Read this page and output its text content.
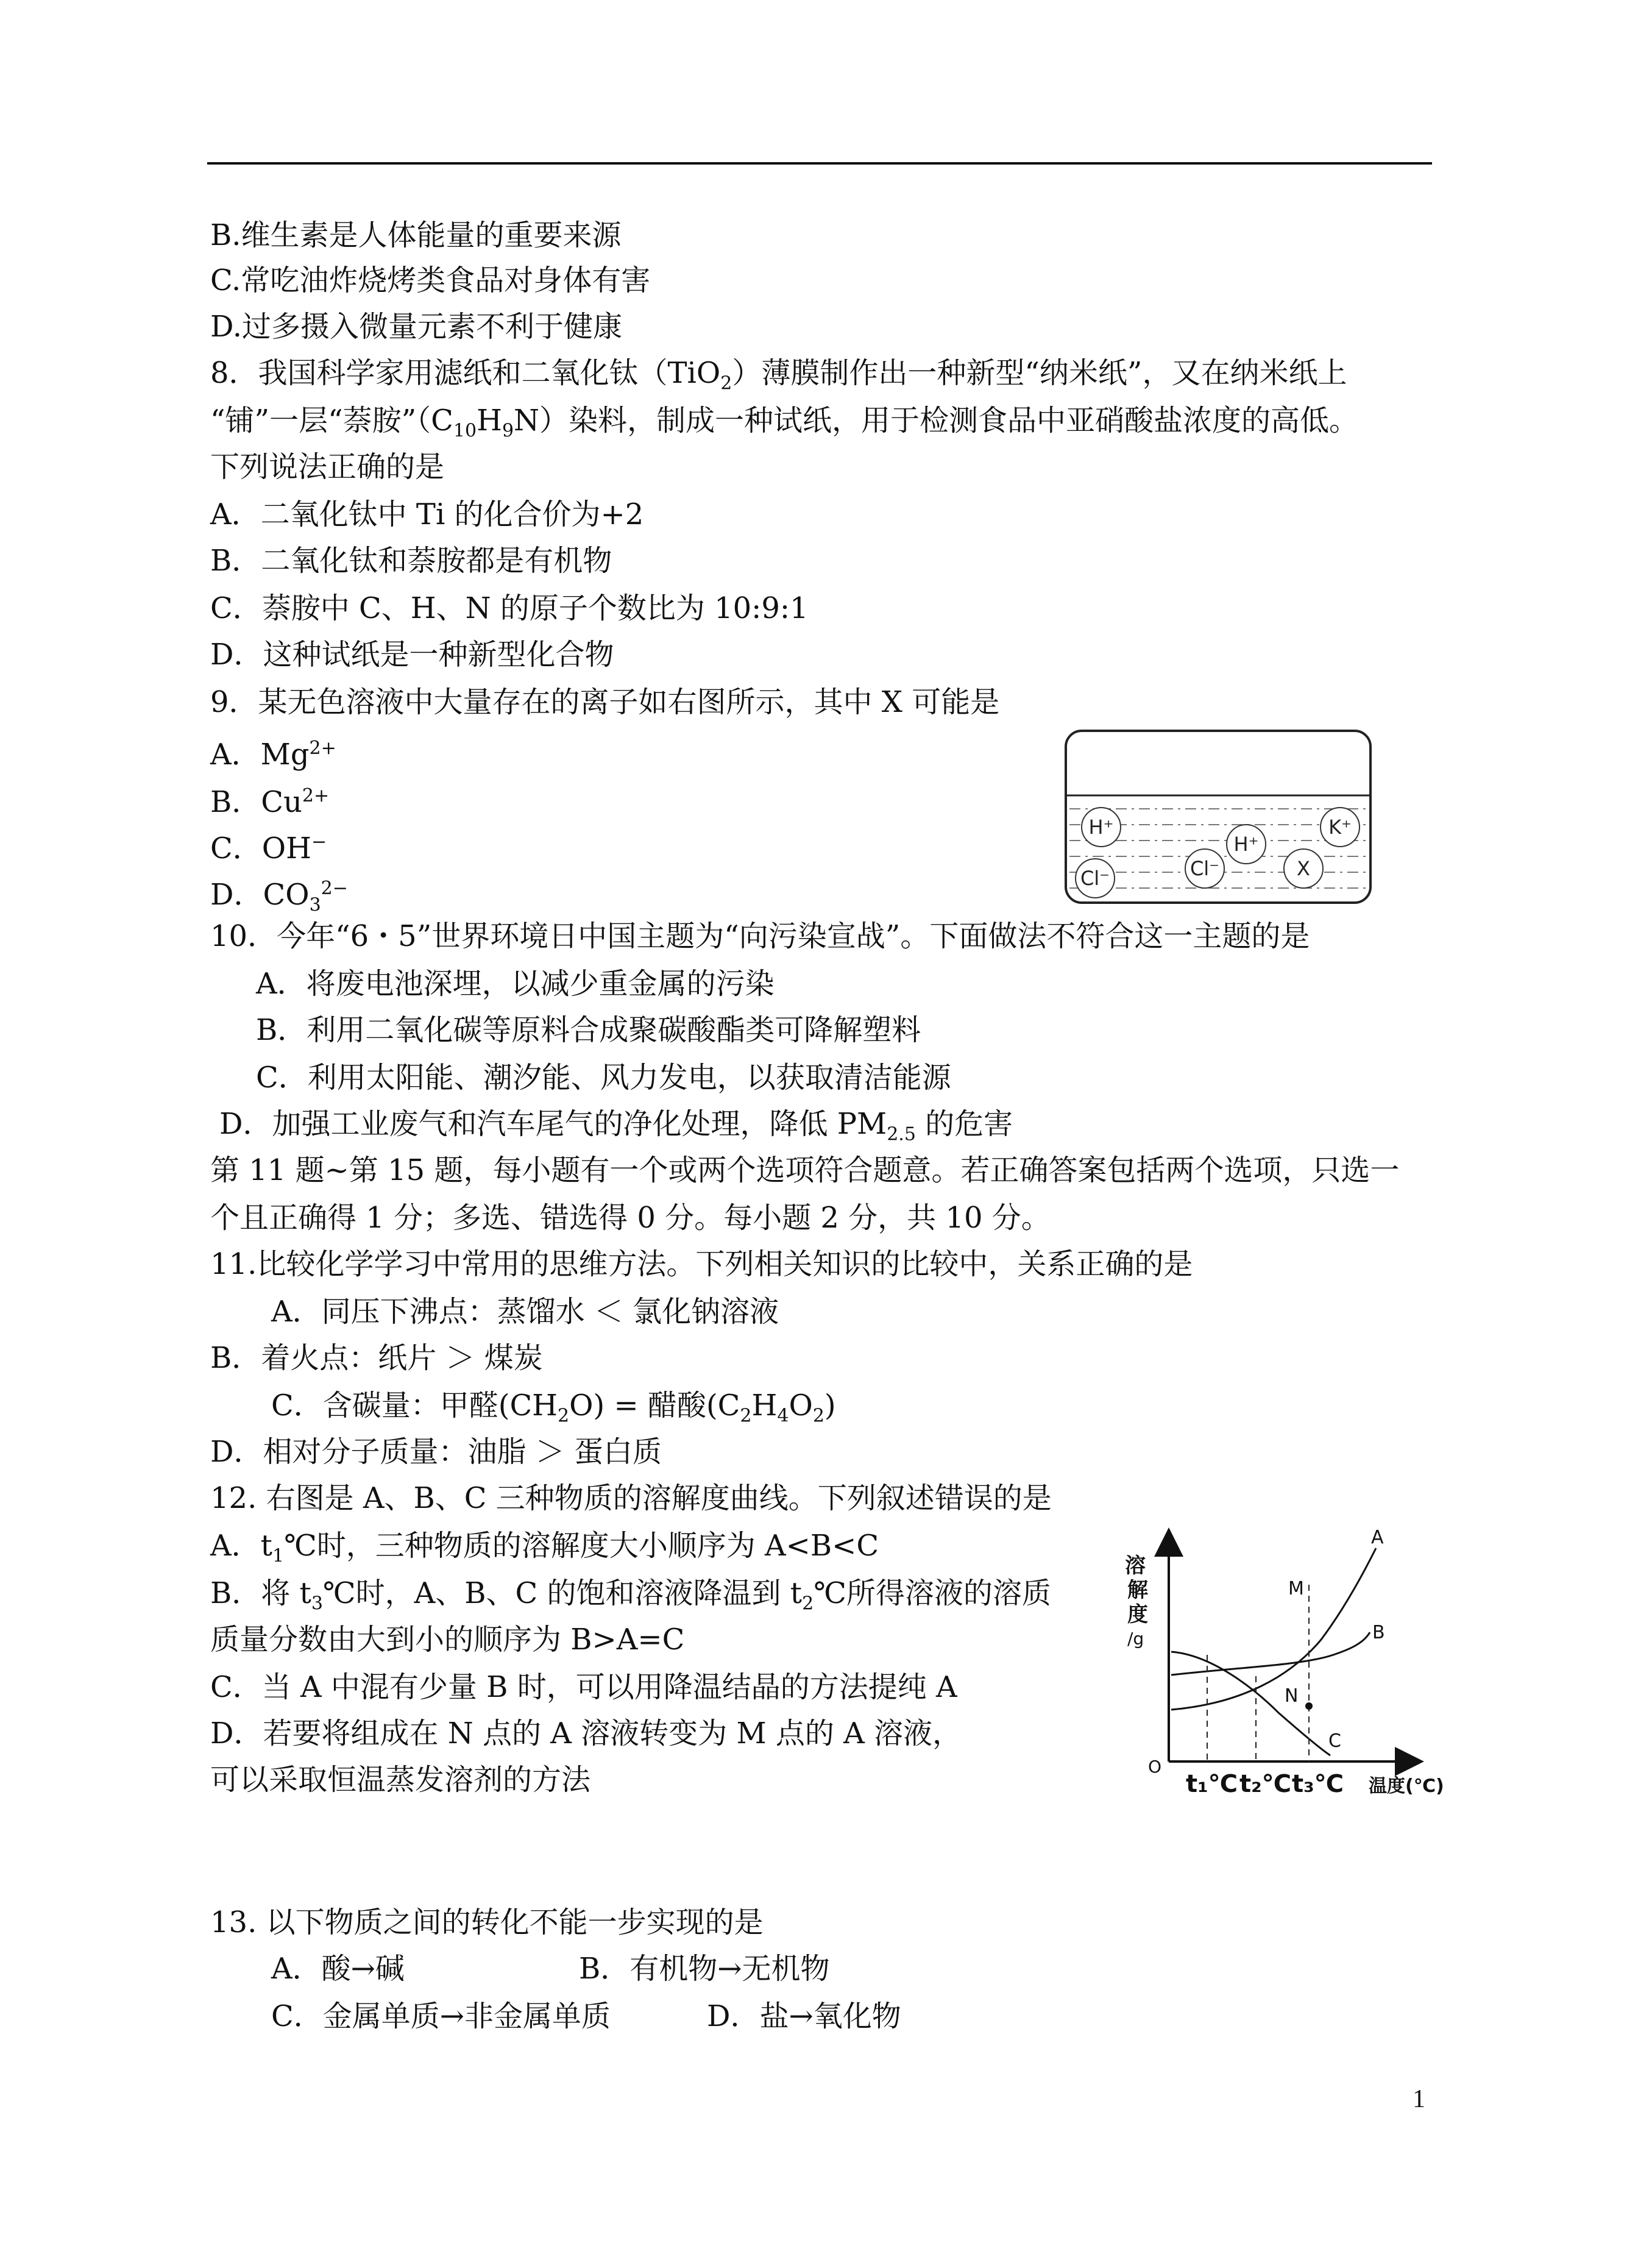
B.维生素是人体能量的重要来源
C.常吃油炸烧烤类食品对身体有害
D.过多摄入微量元素不利于健康
8．我国科学家用滤纸和二氧化钛（TiO$_2$）薄膜制作出一种新型“纳米纸”，又在纳米纸上
“铺”一层“萘胺$”(C_{10}H_9N)$染料，制成一种试纸，用于检测食品中亚硝酸盐浓度的高低。
下列说法正确的是
A．二氧化钛中 Ti 的化合价为+2
B．二氧化钛和萘胺都是有机物
C．萘胺中 C、H、N 的原子个数比为 10:9:1
D．这种试纸是一种新型化合物
9．某无色溶液中大量存在的离子如右图所示，其中 X 可能是
A．$Mg^{2+}$
B．$Cu^{2+}$
C．OH−
D．$CO_3^{2-}$
10．今年“6・5”世界环境日中国主题为“向污染宣战”。下面做法不符合这一主题的是
A．将废电池深埋，以减少重金属的污染
B．利用二氧化碳等原料合成聚碳酸酯类可降解塑料
C．利用太阳能、潮汐能、风力发电，以获取清洁能源
D．加强工业废气和汽车尾气的净化处理，降低 $PM_{2.5}$ 的危害
第 11 题~第 15 题，每小题有一个或两个选项符合题意。若正确答案包括两个选项，只选一
个且正确得 1 分；多选、错选得 0 分。每小题 2 分，共 10 分。
11.比较化学学习中常用的思维方法。下列相关知识的比较中，关系正确的是
A．同压下沸点：蒸馏水 ＜ 氯化钠溶液
B．着火点：纸片 ＞ 煤炭
C．含碳量：甲醛$(CH_2O)$ = 醋酸$(C_2H_4O_2)$
D．相对分子质量：油脂 ＞ 蛋白质
12. 右图是 A、B、C 三种物质的溶解度曲线。下列叙述错误的是
A．$t_1℃$时，三种物质的溶解度大小顺序为 A<B<C
B．将 $t_3℃$时，A、B、C 的饱和溶液降温到 $t_2℃$所得溶液的溶质
质量分数由大到小的顺序为 B>A=C
C．当 A 中混有少量 B 时，可以用降温结晶的方法提纯 A
D．若要将组成在 N 点的 A 溶液转变为 M 点的 A 溶液，
可以采取恒温蒸发溶剂的方法
13. 以下物质之间的转化不能一步实现的是
A．酸→碱	B．有机物→无机物
C．金属单质→非金属单质	D．盐→氧化物
H⁺	K⁺
H⁺
Cl⁻	Cl⁻	X
溶
解
度
/g
O
t₁℃ t₂℃ t₃℃ 温度(℃)
A
B
C
M
N
1
